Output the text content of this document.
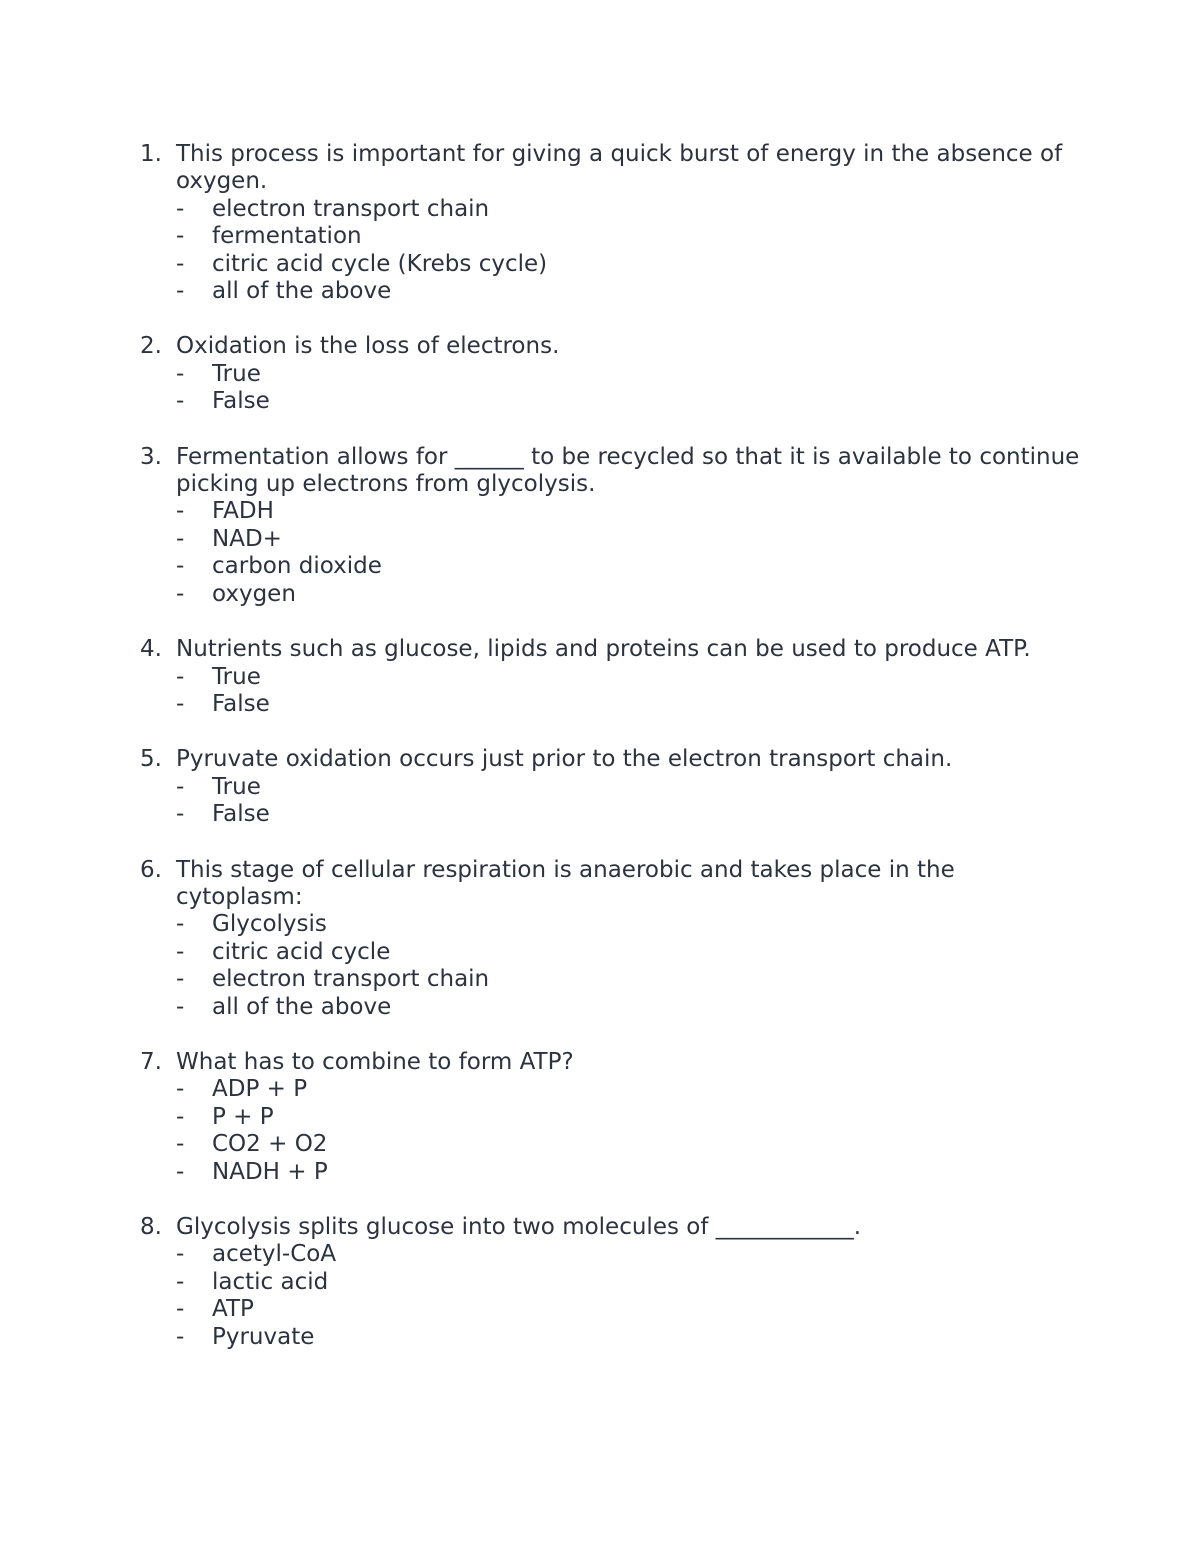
1. This process is important for giving a quick burst of energy in the absence of oxygen.
-	electron transport chain
-	fermentation
-	citric acid cycle (Krebs cycle)
-	all of the above
2. Oxidation is the loss of electrons.
-	True
-	False
3. Fermentation allows for ______ to be recycled so that it is available to continue picking up electrons from glycolysis.
-	FADH
-	NAD+
-	carbon dioxide
-	oxygen
4. Nutrients such as glucose, lipids and proteins can be used to produce ATP.
-	True
-	False
5. Pyruvate oxidation occurs just prior to the electron transport chain.
-	True
-	False
6. This stage of cellular respiration is anaerobic and takes place in the cytoplasm:
-	Glycolysis
-	citric acid cycle
-	electron transport chain
-	all of the above
7. What has to combine to form ATP?
-	ADP + P
-	P + P
-	CO2 + O2
-	NADH + P
8. Glycolysis splits glucose into two molecules of ____________.
-	acetyl-CoA
-	lactic acid
-	ATP
-	Pyruvate
